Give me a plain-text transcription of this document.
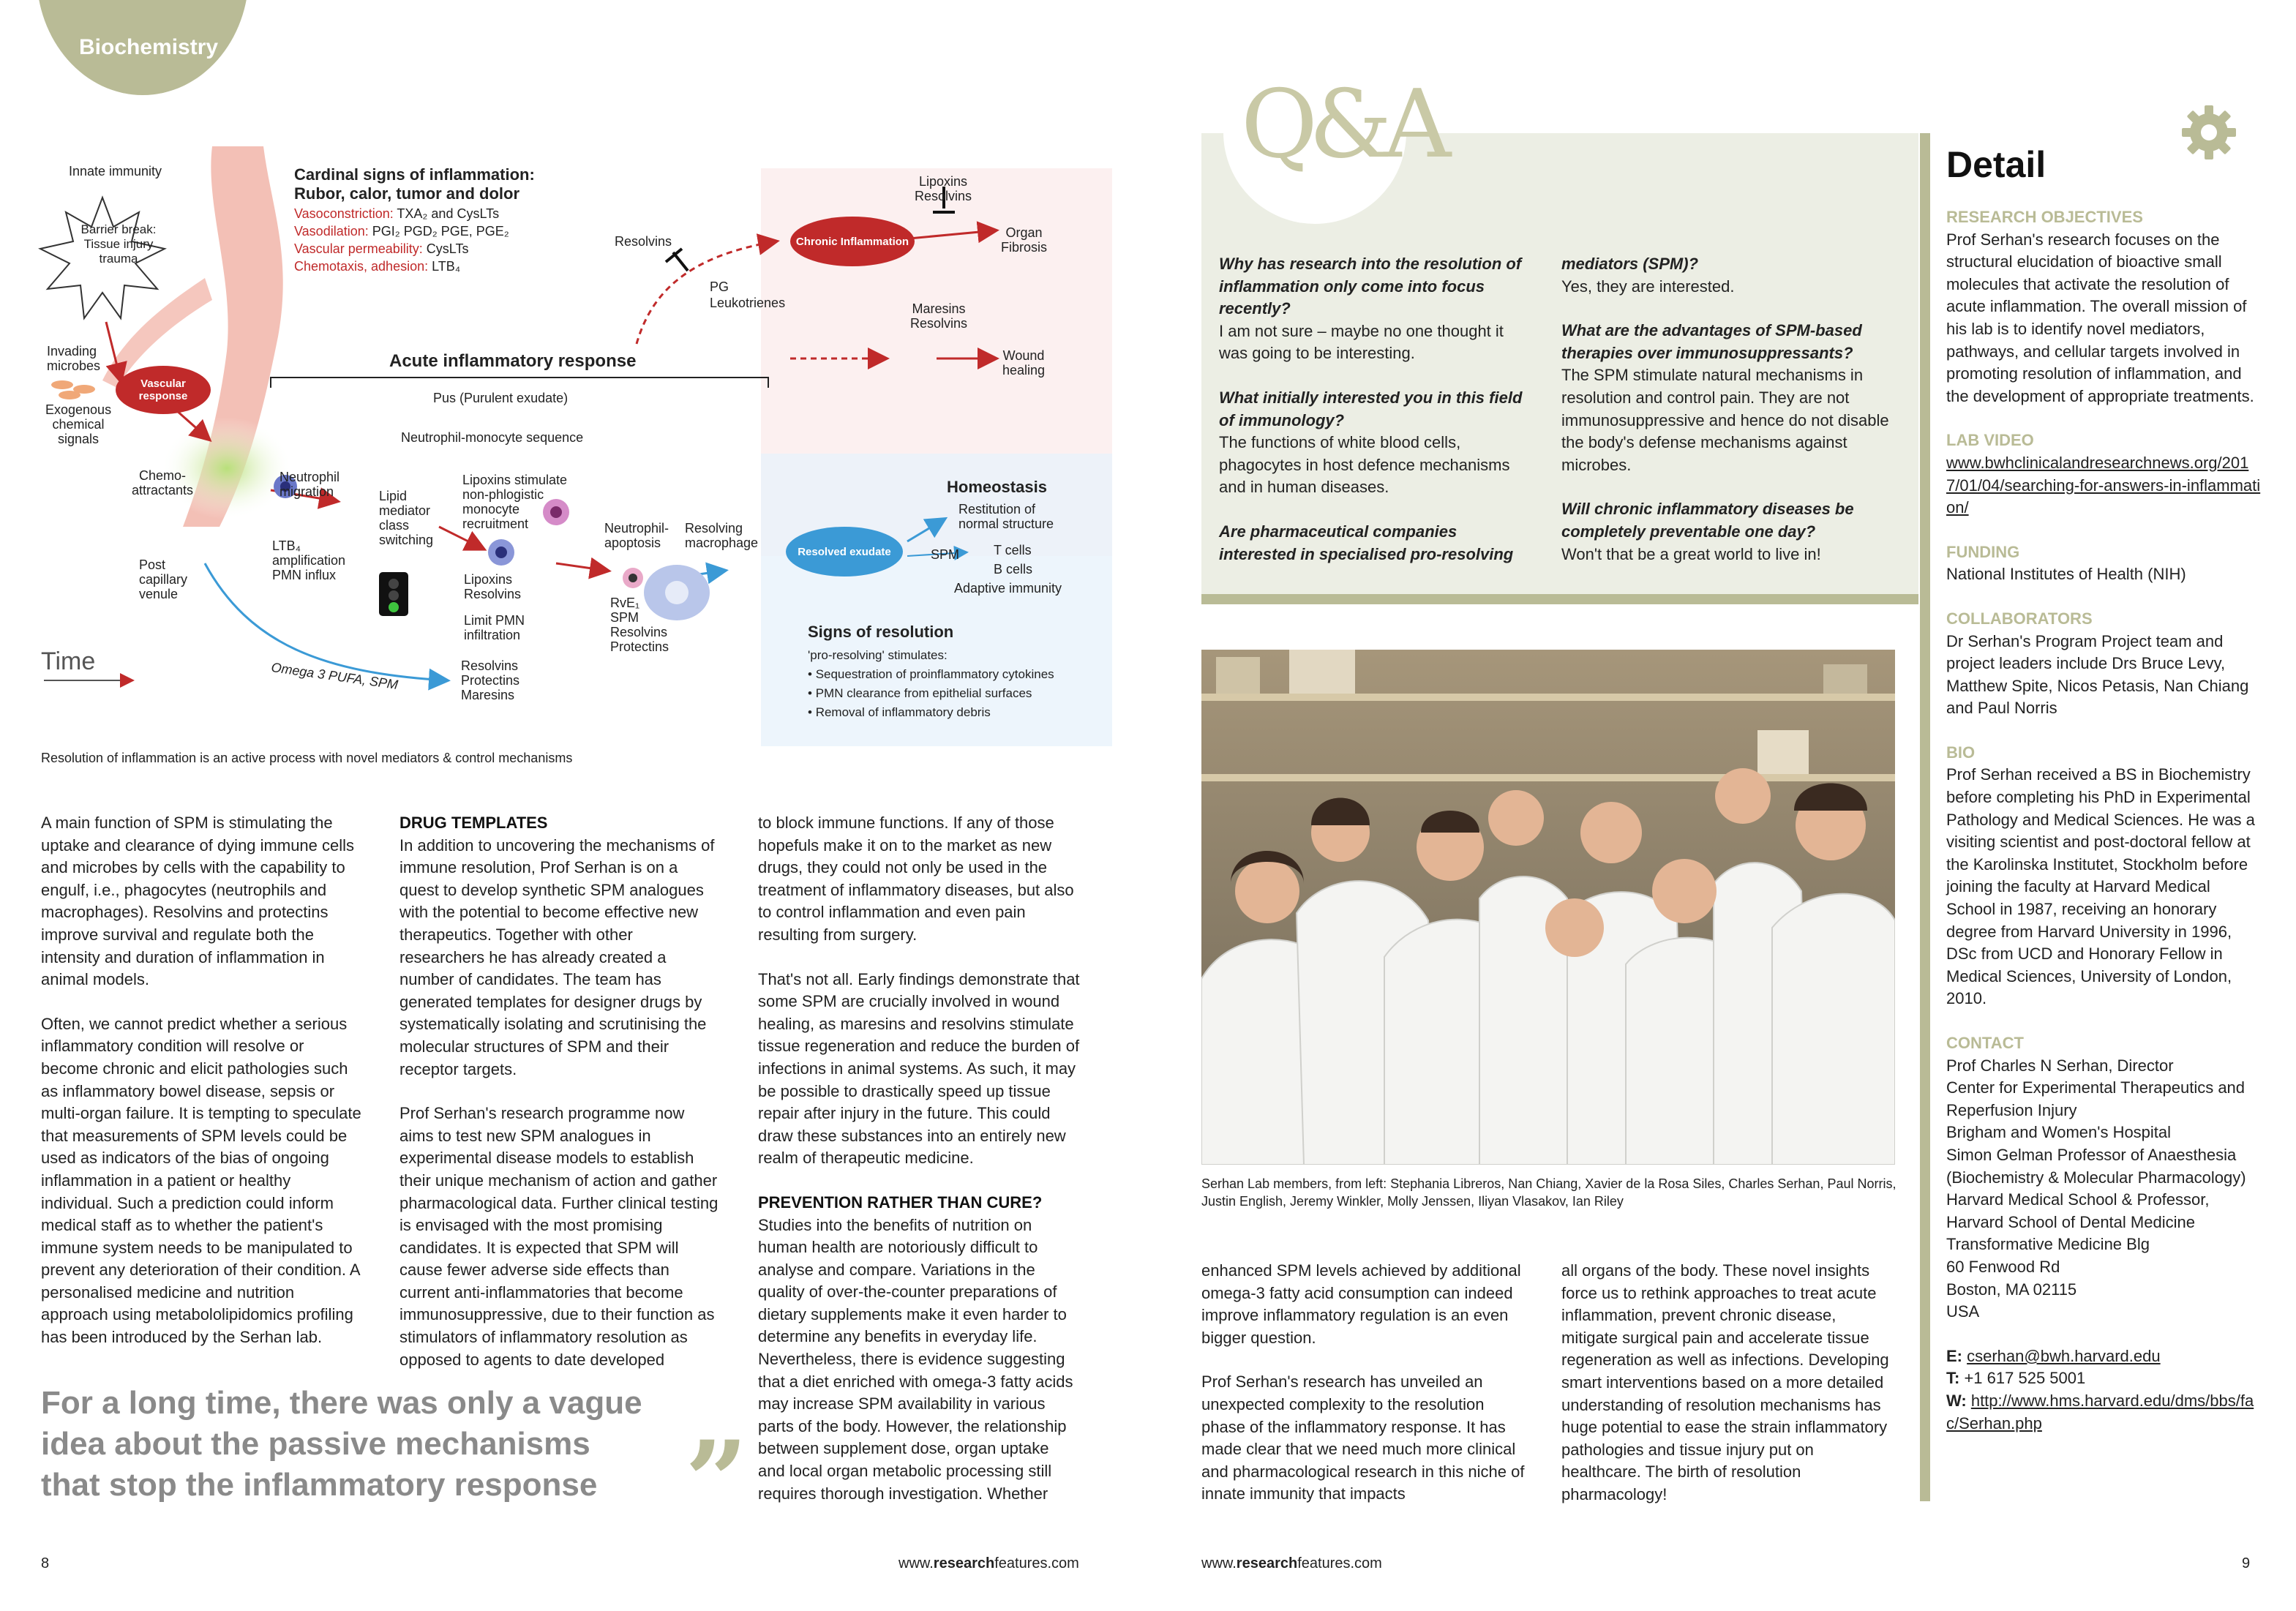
Biochemistry
Innate immunity
Barrier break:
Tissue injury
trauma
Invading
microbes
Exogenous
chemical
signals
Vascular response
Chemo-
attractants
Post
capillary
venule
Cardinal signs of inflammation:
Rubor, calor, tumor and dolor
Vasoconstriction: TXA₂ and CysLTs
Vasodilation: PGI₂ PGD₂ PGE, PGE₂
Vascular permeability: CysLTs
Chemotaxis, adhesion: LTB₄
Acute inflammatory response
Pus (Purulent exudate)
Neutrophil-monocyte sequence
Resolvins
PG
Leukotrienes
Chronic Inflammation
Lipoxins
Resolvins
Organ
Fibrosis
Maresins
Resolvins
Wound
healing
Neutrophil
migration
LTB₄
amplification
PMN influx
Lipid
mediator
class
switching
Lipoxins stimulate
non-phlogistic
monocyte
recruitment
Lipoxins
Resolvins
Limit PMN
infiltration
Neutrophil-
apoptosis
Resolving
macrophage
RvE₁
SPM
Resolvins
Protectins
Homeostasis
Restitution of
normal structure
Resolved exudate	SPM	T cells
B cells
Adaptive immunity
Signs of resolution
'pro-resolving' stimulates:
• Sequestration of proinflammatory cytokines
• PMN clearance from epithelial surfaces
• Removal of inflammatory debris
Time	Omega 3 PUFA, SPM	Resolvins
Protectins
Maresins
Resolution of inflammation is an active process with novel mediators & control mechanisms

A main function of SPM is stimulating the uptake and clearance of dying immune cells and microbes by cells with the capability to engulf, i.e., phagocytes (neutrophils and macrophages). Resolvins and protectins improve survival and regulate both the intensity and duration of inflammation in animal models.

Often, we cannot predict whether a serious inflammatory condition will resolve or become chronic and elicit pathologies such as inflammatory bowel disease, sepsis or multi-organ failure. It is tempting to speculate that measurements of SPM levels could be used as indicators of the bias of ongoing inflammation in a patient or healthy individual. Such a prediction could inform medical staff as to whether the patient's immune system needs to be manipulated to prevent any deterioration of their condition. A personalised medicine and nutrition approach using metabololipidomics profiling has been introduced by the Serhan lab.

DRUG TEMPLATES

In addition to uncovering the mechanisms of immune resolution, Prof Serhan is on a quest to develop synthetic SPM analogues with the potential to become effective new therapeutics. Together with other researchers he has already created a number of candidates. The team has generated templates for designer drugs by systematically isolating and scrutinising the molecular structures of SPM and their receptor targets.

Prof Serhan's research programme now aims to test new SPM analogues in experimental disease models to establish their unique mechanism of action and gather pharmacological data. Further clinical testing is envisaged with the most promising candidates. It is expected that SPM will cause fewer adverse side effects than current anti-inflammatories that become immunosuppressive, due to their function as stimulators of inflammatory resolution as opposed to agents to date developed

to block immune functions. If any of those hopefuls make it on to the market as new drugs, they could not only be used in the treatment of inflammatory diseases, but also to control inflammation and even pain resulting from surgery.

That's not all. Early findings demonstrate that some SPM are crucially involved in wound healing, as maresins and resolvins stimulate tissue regeneration and reduce the burden of infections in animal systems. As such, it may be possible to drastically speed up tissue repair after injury in the future. This could draw these substances into an entirely new realm of therapeutic medicine.

PREVENTION RATHER THAN CURE?

Studies into the benefits of nutrition on human health are notoriously difficult to analyse and compare. Variations in the quality of over-the-counter preparations of dietary supplements make it even harder to determine any benefits in everyday life. Nevertheless, there is evidence suggesting that a diet enriched with omega-3 fatty acids may increase SPM availability in various parts of the body. However, the relationship between supplement dose, organ uptake and local organ metabolic processing still requires thorough investigation. Whether

For a long time, there was only a vague idea about the passive mechanisms that stop the inflammatory response ”
Q&A

Why has research into the resolution of inflammation only come into focus recently?
I am not sure – maybe no one thought it was going to be interesting.

What initially interested you in this field of immunology?
The functions of white blood cells, phagocytes in host defence mechanisms and in human diseases.

Are pharmaceutical companies interested in specialised pro-resolving

mediators (SPM)?
Yes, they are interested.

What are the advantages of SPM-based therapies over immunosuppressants?
The SPM stimulate natural mechanisms in resolution and control pain. They are not immunosuppressive and hence do not disable the body's defense mechanisms against microbes.

Will chronic inflammatory diseases be completely preventable one day?
Won't that be a great world to live in!

Serhan Lab members, from left: Stephania Libreros, Nan Chiang, Xavier de la Rosa Siles, Charles Serhan, Paul Norris, Justin English, Jeremy Winkler, Molly Jenssen, Iliyan Vlasakov, Ian Riley

enhanced SPM levels achieved by additional omega-3 fatty acid consumption can indeed improve inflammatory regulation is an even bigger question.

Prof Serhan's research has unveiled an unexpected complexity to the resolution phase of the inflammatory response. It has made clear that we need much more clinical and pharmacological research in this niche of innate immunity that impacts

all organs of the body. These novel insights force us to rethink approaches to treat acute inflammation, prevent chronic disease, mitigate surgical pain and accelerate tissue regeneration as well as infections. Developing smart interventions based on a more detailed understanding of resolution mechanisms has huge potential to ease the strain inflammatory pathologies and tissue injury put on healthcare. The birth of resolution pharmacology!

Detail
RESEARCH OBJECTIVES
Prof Serhan's research focuses on the structural elucidation of bioactive small molecules that activate the resolution of acute inflammation. The overall mission of his lab is to identify novel mediators, pathways, and cellular targets involved in promoting resolution of inflammation, and the development of appropriate treatments.
LAB VIDEO
www.bwhclinicalandresearchnews.org/2017/01/04/searching-for-answers-in-inflammation/
FUNDING
National Institutes of Health (NIH)
COLLABORATORS
Dr Serhan's Program Project team and project leaders include Drs Bruce Levy, Matthew Spite, Nicos Petasis, Nan Chiang and Paul Norris
BIO
Prof Serhan received a BS in Biochemistry before completing his PhD in Experimental Pathology and Medical Sciences. He was a visiting scientist and post-doctoral fellow at the Karolinska Institutet, Stockholm before joining the faculty at Harvard Medical School in 1987, receiving an honorary degree from Harvard University in 1996, DSc from UCD and Honorary Fellow in Medical Sciences, University of London, 2010.
CONTACT
Prof Charles N Serhan, Director
Center for Experimental Therapeutics and Reperfusion Injury
Brigham and Women's Hospital
Simon Gelman Professor of Anaesthesia (Biochemistry & Molecular Pharmacology)
Harvard Medical School & Professor, Harvard School of Dental Medicine
Transformative Medicine Blg
60 Fenwood Rd
Boston, MA 02115
USA
E: cserhan@bwh.harvard.edu
T: +1 617 525 5001
W: http://www.hms.harvard.edu/dms/bbs/fac/Serhan.php
8	www.researchfeatures.com	www.researchfeatures.com	9
